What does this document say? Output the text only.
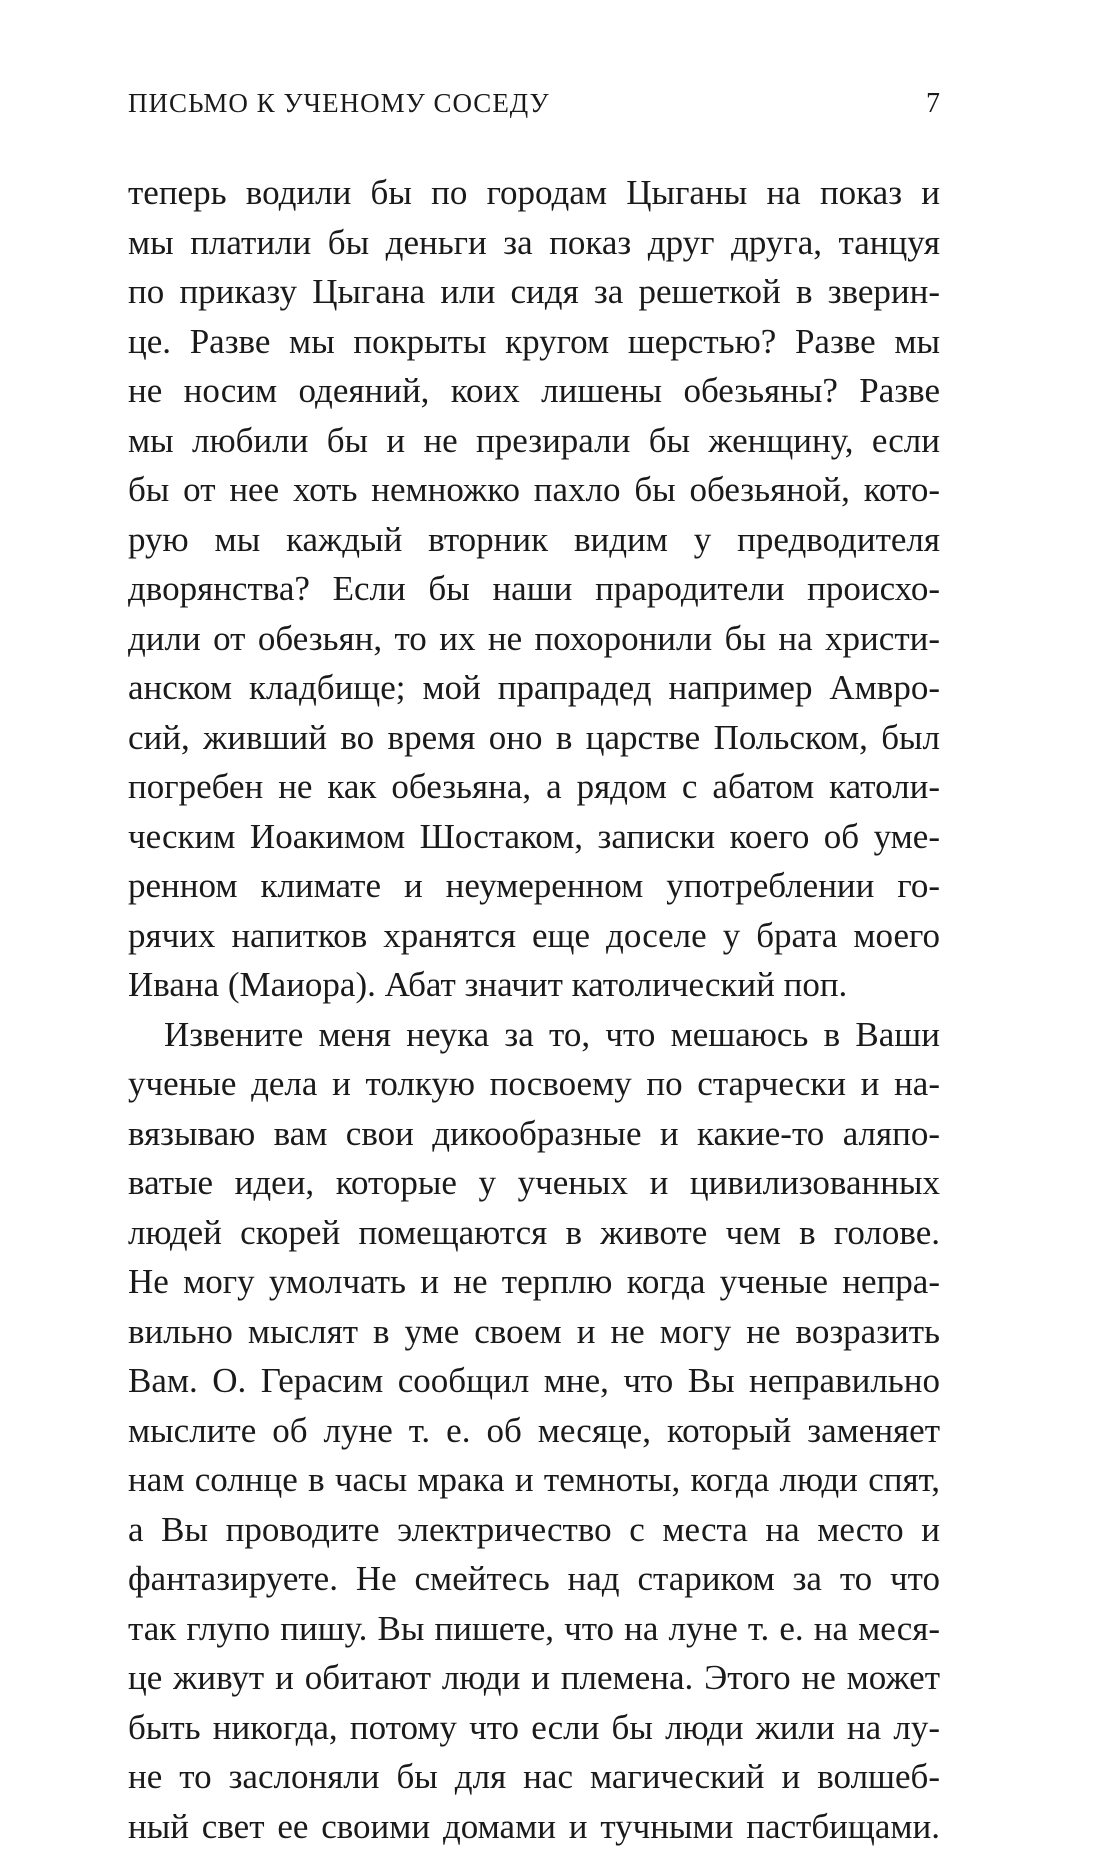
ПИСЬМО К УЧЕНОМУ СОСЕДУ	7
теперь водили бы по городам Цыганы на показ и
мы платили бы деньги за показ друг друга, танцуя
по приказу Цыгана или сидя за решеткой в зверин-
це. Разве мы покрыты кругом шерстью? Разве мы
не носим одеяний, коих лишены обезьяны? Разве
мы любили бы и не презирали бы женщину, если
бы от нее хоть немножко пахло бы обезьяной, кото-
рую мы каждый вторник видим у предводителя
дворянства? Если бы наши прародители происхо-
дили от обезьян, то их не похоронили бы на христи-
анском кладбище; мой прапрадед например Амвро-
сий, живший во время оно в царстве Польском, был
погребен не как обезьяна, а рядом с абатом католи-
ческим Иоакимом Шостаком, записки коего об уме-
ренном климате и неумеренном употреблении го-
рячих напитков хранятся еще доселе у брата моего
Ивана (Маиора). Абат значит католический поп.
Извените меня неука за то, что мешаюсь в Ваши
ученые дела и толкую посвоему по старчески и на-
вязываю вам свои дикообразные и какие-то аляпо-
ватые идеи, которые у ученых и цивилизованных
людей скорей помещаются в животе чем в голове.
Не могу умолчать и не терплю когда ученые непра-
вильно мыслят в уме своем и не могу не возразить
Вам. О. Герасим сообщил мне, что Вы неправильно
мыслите об луне т. е. об месяце, который заменяет
нам солнце в часы мрака и темноты, когда люди спят,
а Вы проводите электричество с места на место и
фантазируете. Не смейтесь над стариком за то что
так глупо пишу. Вы пишете, что на луне т. е. на меся-
це живут и обитают люди и племена. Этого не может
быть никогда, потому что если бы люди жили на лу-
не то заслоняли бы для нас магический и волшеб-
ный свет ее своими домами и тучными пастбищами.
